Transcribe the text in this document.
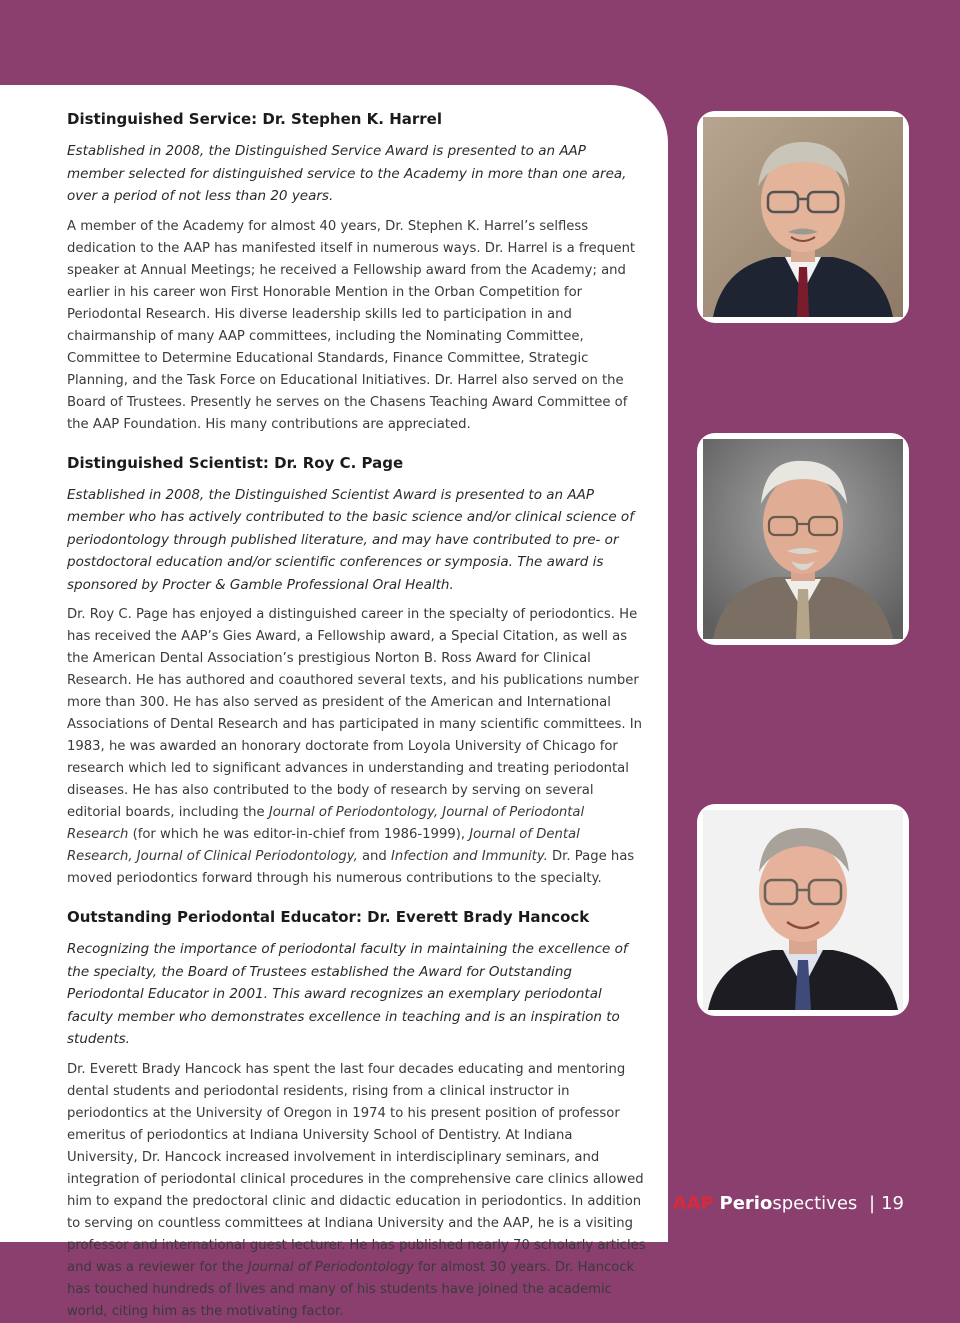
Distinguished Service: Dr. Stephen K. Harrel

Established in 2008, the Distinguished Service Award is presented to an AAP member selected for distinguished service to the Academy in more than one area, over a period of not less than 20 years.

A member of the Academy for almost 40 years, Dr. Stephen K. Harrel’s selfless dedication to the AAP has manifested itself in numerous ways. Dr. Harrel is a frequent speaker at Annual Meetings; he received a Fellowship award from the Academy; and earlier in his career won First Honorable Mention in the Orban Competition for Periodontal Research. His diverse leadership skills led to participation in and chairmanship of many AAP committees, including the Nominating Committee, Committee to Determine Educational Standards, Finance Committee, Strategic Planning, and the Task Force on Educational Initiatives. Dr. Harrel also served on the Board of Trustees. Presently he serves on the Chasens Teaching Award Committee of the AAP Foundation. His many contributions are appreciated.

Distinguished Scientist: Dr. Roy C. Page

Established in 2008, the Distinguished Scientist Award is presented to an AAP member who has actively contributed to the basic science and/or clinical science of periodontology through published literature, and may have contributed to pre- or postdoctoral education and/or scientific conferences or symposia. The award is sponsored by Procter & Gamble Professional Oral Health.

Dr. Roy C. Page has enjoyed a distinguished career in the specialty of periodontics. He has received the AAP’s Gies Award, a Fellowship award, a Special Citation, as well as the American Dental Association’s prestigious Norton B. Ross Award for Clinical Research. He has authored and coauthored several texts, and his publications number more than 300. He has also served as president of the American and International Associations of Dental Research and has participated in many scientific committees. In 1983, he was awarded an honorary doctorate from Loyola University of Chicago for research which led to significant advances in understanding and treating periodontal diseases. He has also contributed to the body of research by serving on several editorial boards, including the Journal of Periodontology, Journal of Periodontal Research (for which he was editor-in-chief from 1986-1999), Journal of Dental Research, Journal of Clinical Periodontology, and Infection and Immunity. Dr. Page has moved periodontics forward through his numerous contributions to the specialty.

Outstanding Periodontal Educator: Dr. Everett Brady Hancock

Recognizing the importance of periodontal faculty in maintaining the excellence of the specialty, the Board of Trustees established the Award for Outstanding Periodontal Educator in 2001. This award recognizes an exemplary periodontal faculty member who demonstrates excellence in teaching and is an inspiration to students.

Dr. Everett Brady Hancock has spent the last four decades educating and mentoring dental students and periodontal residents, rising from a clinical instructor in periodontics at the University of Oregon in 1974 to his present position of professor emeritus of periodontics at Indiana University School of Dentistry. At Indiana University, Dr. Hancock increased involvement in interdisciplinary seminars, and integration of periodontal clinical procedures in the comprehensive care clinics allowed him to expand the predoctoral clinic and didactic education in periodontics. In addition to serving on countless committees at Indiana University and the AAP, he is a visiting professor and international guest lecturer. He has published nearly 70 scholarly articles and was a reviewer for the Journal of Periodontology for almost 30 years. Dr. Hancock has touched hundreds of lives and many of his students have joined the academic world, citing him as the motivating factor.

AAP Periospectives | 19
